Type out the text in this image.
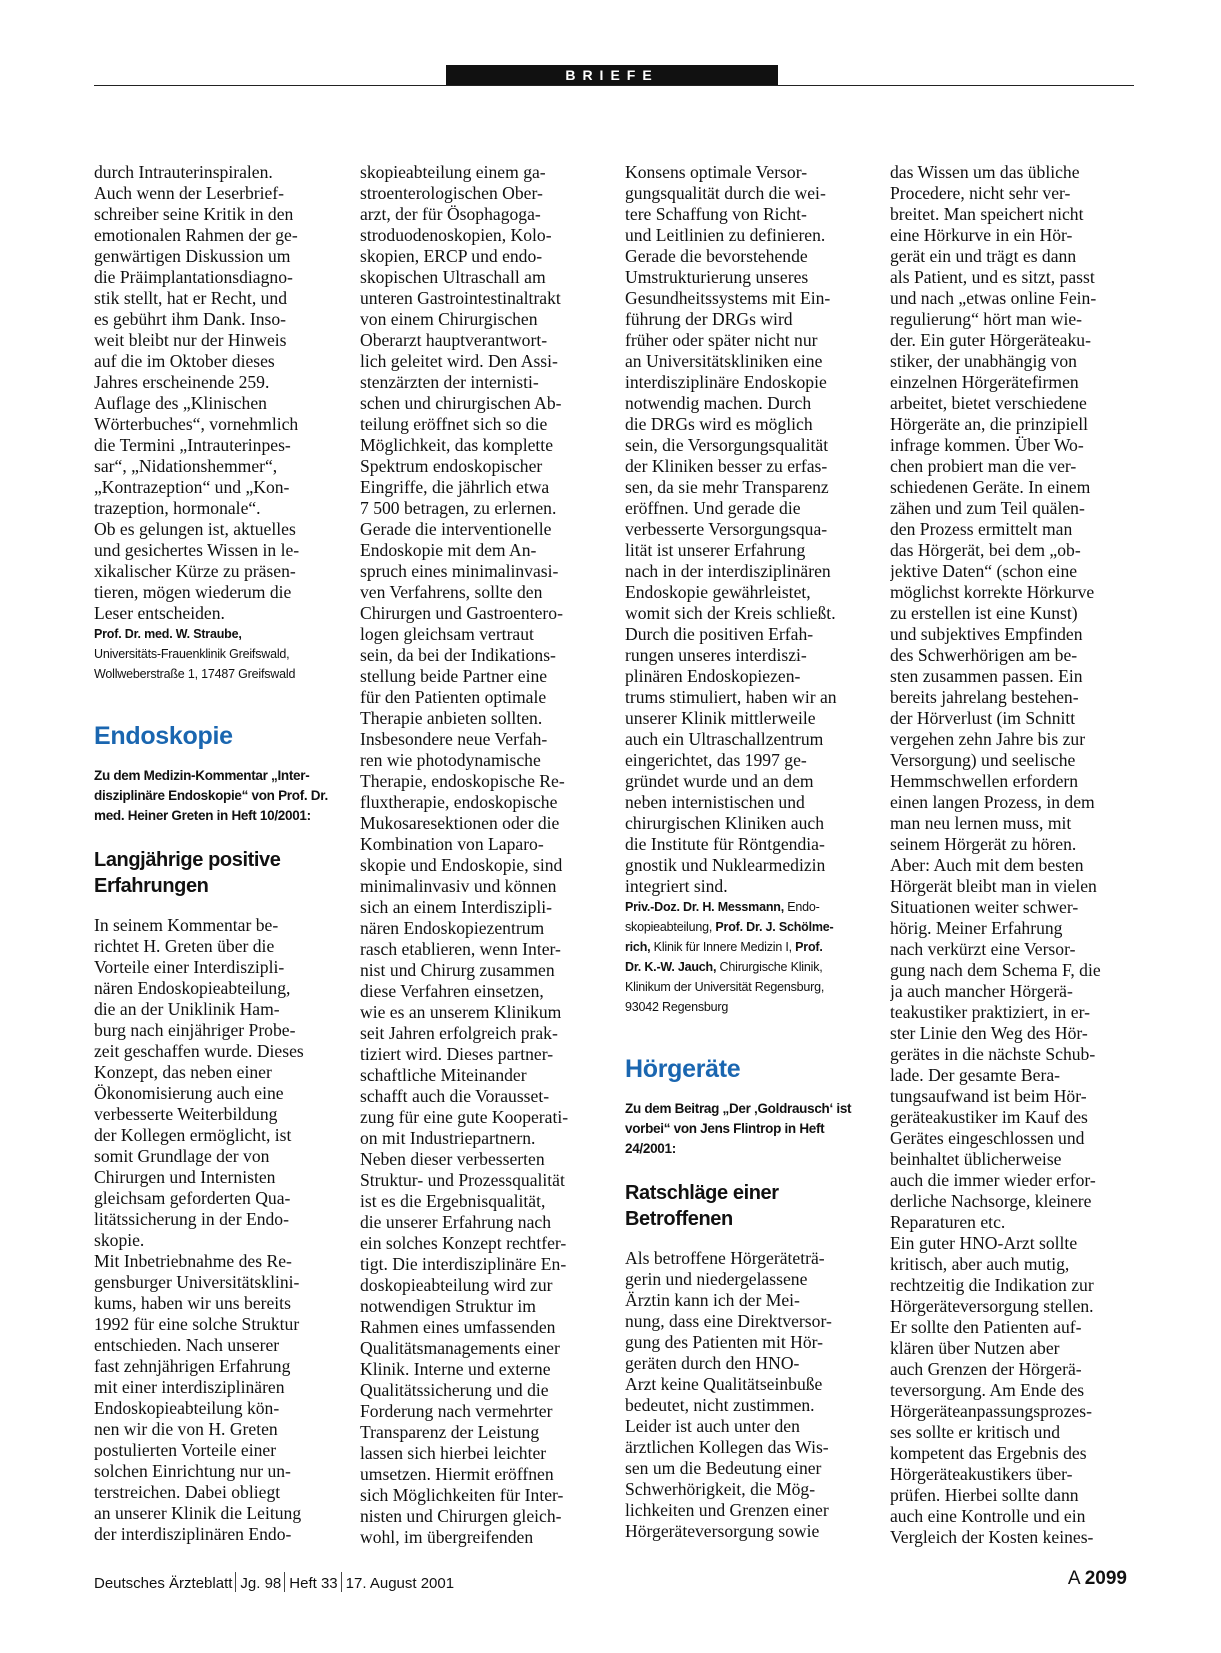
BRIEFE
durch Intrauterinspiralen.
Auch wenn der Leserbrief-
schreiber seine Kritik in den
emotionalen Rahmen der ge-
genwärtigen Diskussion um
die Präimplantationsdiagno-
stik stellt, hat er Recht, und
es gebührt ihm Dank. Inso-
weit bleibt nur der Hinweis
auf die im Oktober dieses
Jahres erscheinende 259.
Auflage des „Klinischen
Wörterbuches“, vornehmlich
die Termini „Intrauterinpes-
sar“, „Nidationshemmer“,
„Kontrazeption“ und „Kon-
trazeption, hormonale“.
Ob es gelungen ist, aktuelles
und gesichertes Wissen in le-
xikalischer Kürze zu präsen-
tieren, mögen wiederum die
Leser entscheiden.
Prof. Dr. med. W. Straube,
Universitäts-Frauenklinik Greifswald,
Wollweberstraße 1, 17487 Greifswald
Endoskopie
Zu dem Medizin-Kommentar „Inter-
disziplinäre Endoskopie“ von Prof. Dr.
med. Heiner Greten in Heft 10/2001:
Langjährige positive
Erfahrungen
In seinem Kommentar be-
richtet H. Greten über die
Vorteile einer Interdiszipli-
nären Endoskopieabteilung,
die an der Uniklinik Ham-
burg nach einjähriger Probe-
zeit geschaffen wurde. Dieses
Konzept, das neben einer
Ökonomisierung auch eine
verbesserte Weiterbildung
der Kollegen ermöglicht, ist
somit Grundlage der von
Chirurgen und Internisten
gleichsam geforderten Qua-
litätssicherung in der Endo-
skopie.
Mit Inbetriebnahme des Re-
gensburger Universitätsklini-
kums, haben wir uns bereits
1992 für eine solche Struktur
entschieden. Nach unserer
fast zehnjährigen Erfahrung
mit einer interdisziplinären
Endoskopieabteilung kön-
nen wir die von H. Greten
postulierten Vorteile einer
solchen Einrichtung nur un-
terstreichen. Dabei obliegt
an unserer Klinik die Leitung
der interdisziplinären Endo-
skopieabteilung einem ga-
stroenterologischen Ober-
arzt, der für Ösophagoga-
stroduodenoskopien, Kolo-
skopien, ERCP und endo-
skopischen Ultraschall am
unteren Gastrointestinaltrakt
von einem Chirurgischen
Oberarzt hauptverantwort-
lich geleitet wird. Den Assi-
stenzärzten der internisti-
schen und chirurgischen Ab-
teilung eröffnet sich so die
Möglichkeit, das komplette
Spektrum endoskopischer
Eingriffe, die jährlich etwa
7 500 betragen, zu erlernen.
Gerade die interventionelle
Endoskopie mit dem An-
spruch eines minimalinvasi-
ven Verfahrens, sollte den
Chirurgen und Gastroentero-
logen gleichsam vertraut
sein, da bei der Indikations-
stellung beide Partner eine
für den Patienten optimale
Therapie anbieten sollten.
Insbesondere neue Verfah-
ren wie photodynamische
Therapie, endoskopische Re-
fluxtherapie, endoskopische
Mukosaresektionen oder die
Kombination von Laparo-
skopie und Endoskopie, sind
minimalinvasiv und können
sich an einem Interdiszipli-
nären Endoskopiezentrum
rasch etablieren, wenn Inter-
nist und Chirurg zusammen
diese Verfahren einsetzen,
wie es an unserem Klinikum
seit Jahren erfolgreich prak-
tiziert wird. Dieses partner-
schaftliche Miteinander
schafft auch die Vorausset-
zung für eine gute Kooperati-
on mit Industriepartnern.
Neben dieser verbesserten
Struktur- und Prozessqualität
ist es die Ergebnisqualität,
die unserer Erfahrung nach
ein solches Konzept rechtfer-
tigt. Die interdisziplinäre En-
doskopieabteilung wird zur
notwendigen Struktur im
Rahmen eines umfassenden
Qualitätsmanagements einer
Klinik. Interne und externe
Qualitätssicherung und die
Forderung nach vermehrter
Transparenz der Leistung
lassen sich hierbei leichter
umsetzen. Hiermit eröffnen
sich Möglichkeiten für Inter-
nisten und Chirurgen gleich-
wohl, im übergreifenden
Konsens optimale Versor-
gungsqualität durch die wei-
tere Schaffung von Richt-
und Leitlinien zu definieren.
Gerade die bevorstehende
Umstrukturierung unseres
Gesundheitssystems mit Ein-
führung der DRGs wird
früher oder später nicht nur
an Universitätskliniken eine
interdisziplinäre Endoskopie
notwendig machen. Durch
die DRGs wird es möglich
sein, die Versorgungsqualität
der Kliniken besser zu erfas-
sen, da sie mehr Transparenz
eröffnen. Und gerade die
verbesserte Versorgungsqua-
lität ist unserer Erfahrung
nach in der interdisziplinären
Endoskopie gewährleistet,
womit sich der Kreis schließt.
Durch die positiven Erfah-
rungen unseres interdiszi-
plinären Endoskopiezen-
trums stimuliert, haben wir an
unserer Klinik mittlerweile
auch ein Ultraschallzentrum
eingerichtet, das 1997 ge-
gründet wurde und an dem
neben internistischen und
chirurgischen Kliniken auch
die Institute für Röntgendia-
gnostik und Nuklearmedizin
integriert sind.
Priv.-Doz. Dr. H. Messmann, Endo-
skopieabteilung, Prof. Dr. J. Schölme-
rich, Klinik für Innere Medizin I, Prof.
Dr. K.-W. Jauch, Chirurgische Klinik,
Klinikum der Universität Regensburg,
93042 Regensburg
Hörgeräte
Zu dem Beitrag „Der ‚Goldrausch‘ ist
vorbei“ von Jens Flintrop in Heft
24/2001:
Ratschläge einer
Betroffenen
Als betroffene Hörgeräteträ-
gerin und niedergelassene
Ärztin kann ich der Mei-
nung, dass eine Direktversor-
gung des Patienten mit Hör-
geräten durch den HNO-
Arzt keine Qualitätseinbuße
bedeutet, nicht zustimmen.
Leider ist auch unter den
ärztlichen Kollegen das Wis-
sen um die Bedeutung einer
Schwerhörigkeit, die Mög-
lichkeiten und Grenzen einer
Hörgeräteversorgung sowie
das Wissen um das übliche
Procedere, nicht sehr ver-
breitet. Man speichert nicht
eine Hörkurve in ein Hör-
gerät ein und trägt es dann
als Patient, und es sitzt, passt
und nach „etwas online Fein-
regulierung“ hört man wie-
der. Ein guter Hörgeräteaku-
stiker, der unabhängig von
einzelnen Hörgerätefirmen
arbeitet, bietet verschiedene
Hörgeräte an, die prinzipiell
infrage kommen. Über Wo-
chen probiert man die ver-
schiedenen Geräte. In einem
zähen und zum Teil quälen-
den Prozess ermittelt man
das Hörgerät, bei dem „ob-
jektive Daten“ (schon eine
möglichst korrekte Hörkurve
zu erstellen ist eine Kunst)
und subjektives Empfinden
des Schwerhörigen am be-
sten zusammen passen. Ein
bereits jahrelang bestehen-
der Hörverlust (im Schnitt
vergehen zehn Jahre bis zur
Versorgung) und seelische
Hemmschwellen erfordern
einen langen Prozess, in dem
man neu lernen muss, mit
seinem Hörgerät zu hören.
Aber: Auch mit dem besten
Hörgerät bleibt man in vielen
Situationen weiter schwer-
hörig. Meiner Erfahrung
nach verkürzt eine Versor-
gung nach dem Schema F, die
ja auch mancher Hörgerä-
teakustiker praktiziert, in er-
ster Linie den Weg des Hör-
gerätes in die nächste Schub-
lade. Der gesamte Bera-
tungsaufwand ist beim Hör-
geräteakustiker im Kauf des
Gerätes eingeschlossen und
beinhaltet üblicherweise
auch die immer wieder erfor-
derliche Nachsorge, kleinere
Reparaturen etc.
Ein guter HNO-Arzt sollte
kritisch, aber auch mutig,
rechtzeitig die Indikation zur
Hörgeräteversorgung stellen.
Er sollte den Patienten auf-
klären über Nutzen aber
auch Grenzen der Hörgerä-
teversorgung. Am Ende des
Hörgeräteanpassungsprozes-
ses sollte er kritisch und
kompetent das Ergebnis des
Hörgeräteakustikers über-
prüfen. Hierbei sollte dann
auch eine Kontrolle und ein
Vergleich der Kosten keines-
Deutsches Ärzteblatt Jg. 98 Heft 33 17. August 2001	A 2099
